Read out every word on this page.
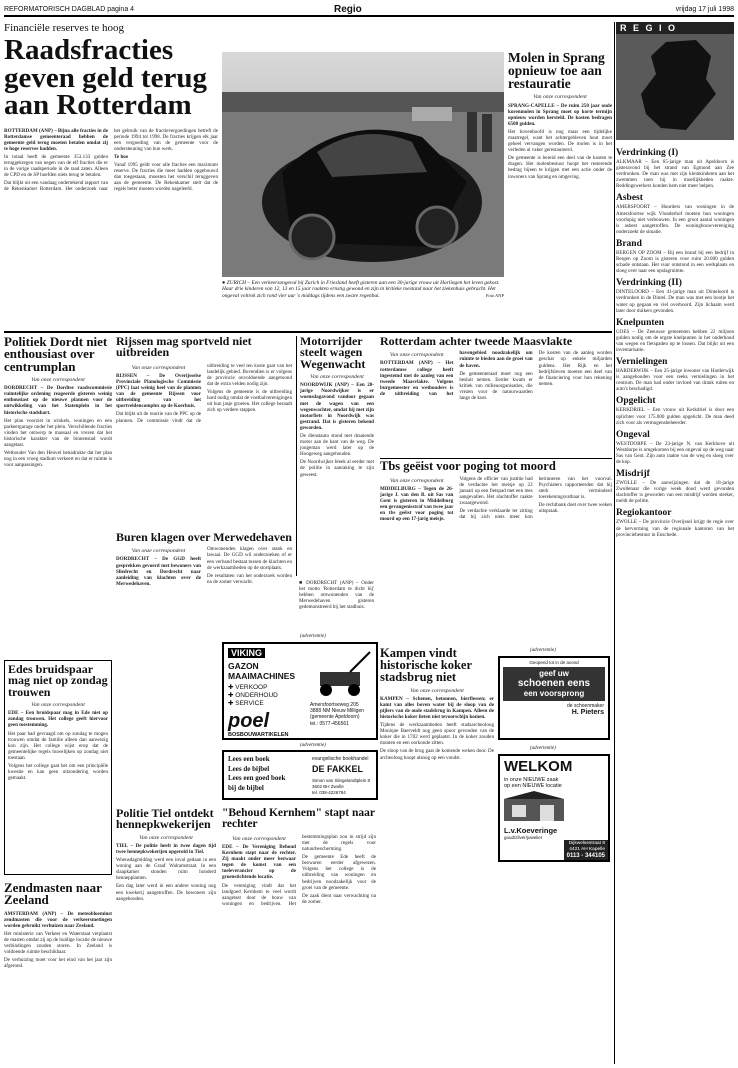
REFORMATORISCH DAGBLAD pagina 4	Regio	vrijdag 17 juli 1998
Financiële reserves te hoog
Raadsfracties geven geld terug aan Rotterdam

ROTTERDAM (ANP) – Bijna alle fracties in de Rotterdamse gemeenteraad hebben de gemeente geld terug moeten betalen omdat zij te hoge reserves hadden.

In totaal heeft de gemeente 353.133 gulden teruggekregen van negen van de elf fracties die er in de vorige raadsperiode in de raad zaten. Alleen de CPD en de SP hoefden niets terug te betalen.

Dat blijkt uit een vandaag ondertekend rapport van de Rekenkamer Rotterdam. Het onderzoek naar het gebruik van de fractievergoedingen betreft de periode 1994 tot 1998. De fracties krijgen elk jaar een vergoeding van de gemeente voor de ondersteuning van hun werk.

Te hoe

Vanaf 1995 geldt voor alle fracties een maximum reserve. De fracties die meer hadden opgebouwd dan toegestaan, moesten het verschil teruggeven aan de gemeente. De Rekenkamer stelt dat de regels beter moeten worden nageleefd.

● ZURICH – Een verkeersongeval bij Zurich in Friesland heeft gisteren aan een 30-jarige vrouw uit Harlingen het leven gekost. Haar drie kinderen van 12, 13 en 15 jaar raakten ernstig gewond en zijn in kritieke toestand naar het ziekenhuis gebracht. Het ongeval voltrok zich rond vier uur 's middags tijdens een zware regenbui.	Foto ANP
Molen in Sprang opnieuw toe aan restauratie
Van onze correspondent

SPRANG-CAPELLE – De ruim 250 jaar oude korenmolen in Sprang moet op korte termijn opnieuw worden hersteld. De kosten bedragen 6500 gulden.

Het bovenhoofd is nog maar een tijdelijke maatregel, want het achtergebleven hout moet geheel vervangen worden. De molen is in het verleden al vaker gerestaureerd.

De gemeente is bereid een deel van de kosten te dragen. Het molenbestuur hoopt het resterende bedrag bijeen te krijgen met een actie onder de inwoners van Sprang en omgeving.

R E G I O
Verdrinking (I)
ALKMAAR – Een 65-jarige man uit Apeldoorn is gisteravond bij het strand van Egmond aan Zee verdronken. De man was met zijn kleinkinderen aan het zwemmen toen hij in moeilijkheden raakte. Reddingswerkers konden hem niet meer helpen.
Asbest
AMERSFOORT – Huurders van woningen in de Amersfoortse wijk Vlonderhof moeten hun woningen voorlopig niet verbouwen. In een groot aantal woningen is asbest aangetroffen. De woningbouwvereniging onderzoekt de situatie.
Brand
BERGEN OP ZOOM – Bij een brand bij een bedrijf in Bergen op Zoom is gisteren voor ruim 20.000 gulden schade ontstaan. Het vuur ontstond in een werkplaats en sloeg over naar een opslagruimte.
Verdrinking (II)
DINTELOORD – Een 41-jarige man uit Dinteloord is verdronken in de Dintel. De man was met een bootje het water op gegaan en viel overboord. Zijn lichaam werd later door duikers gevonden.
Knelpunten
GOES – De Zeeuwse gemeenten hebben 22 miljoen gulden nodig om de ergste knelpunten in het onderhoud van wegen en fietspaden op te lossen. Dat blijkt uit een inventarisatie.
Vernielingen
HARDERWIJK – Een 25-jarige inwoner van Harderwijk is aangehouden voor een reeks vernielingen in het centrum. De man had onder invloed van drank ruiten en auto's beschadigd.
Opgelicht
KERKDRIEL – Een vrouw uit Kerkdriel is door een oplichter voor 175.000 gulden opgelicht. De man deed zich voor als vermogensbeheerder.
Ongeval
WESTDORPE – De 23-jarige N. van Kerkhove uit Westdorpe is omgekomen bij een ongeval op de weg naar Sas van Gent. Zijn auto raakte van de weg en sloeg over de kop.
Misdrijf
ZWOLLE – De aanwijzingen dat de 18-jarige Zwollenaar die vorige week dood werd gevonden slachtoffer is geworden van een misdrijf worden sterker, meldt de politie.
Regiokantoor
ZWOLLE – De provincie Overijssel krijgt de regie over de hervorming van de regionale kantoren van het provinciebestuur in Enschede.
Politiek Dordt niet enthousiast over centrumplan
Van onze correspondent

DORDRECHT – De Dordtse raadscommissie ruimtelijke ordening reageerde gisteren weinig enthousiast op de nieuwe plannen voor de ontwikkeling van het Statenplein in het historische stadshart.

Het plan voorziet in winkels, woningen en een parkeergarage onder het plein. Verschillende fracties vinden het ontwerp te massaal en vrezen dat het historische karakter van de binnenstad wordt aangetast.

Wethouder Van den Heuvel benadrukte dat het plan nog in een vroeg stadium verkeert en dat er ruimte is voor aanpassingen.

Rijssen mag sportveld niet uitbreiden
Van onze correspondent

RIJSSEN – De Overijsselse Provinciale Planologische Commissie (PPC) laat weinig heel van de plannen van de gemeente Rijssen voor uitbreiding van het sportveldencomplex op de Koerhuis.

Dat blijkt uit de reactie van de PPC op de plannen. De commissie vindt dat de uitbreiding te veel ten koste gaat van het landelijk gebied. Bovendien is er volgens de provincie onvoldoende aangetoond dat de extra velden nodig zijn.

Volgens de gemeente is de uitbreiding hard nodig omdat de voetbalverenigingen uit hun jasje groeien. Het college beraadt zich op verdere stappen.

Motorrijder steelt wagen Wegenwacht
Van onze correspondent

NOORDWIJK (ANP) – Een 20-jarige Noordwijker is er woensdagavond vandoor gegaan met de wagen van een wegenwachter, omdat hij met zijn motorfiets in Noordwijk was gestrand. Dat is gisteren bekend geworden.

De dienstauto stond met draaiende motor aan de kant van de weg. De jongeman werd later op de Hoogeweg aangehouden.

De Noordwijker bleek al eerder met de politie in aanraking te zijn geweest.

Rotterdam achter tweede Maasvlakte
Van onze correspondent

ROTTERDAM (ANP) – Het rotterdamse college heeft ingestemd met de aanleg van een tweede Maasvlakte. Volgens burgemeester en wethouders is de uitbreiding van het havengebied noodzakelijk om ruimte te bieden aan de groei van de haven.

De gemeenteraad moet nog een besluit nemen. Eerder kwam er kritiek van milieuorganisaties, die vrezen voor de natuurwaarden langs de kust.

De kosten van de aanleg worden geschat op enkele miljarden guldens. Het Rijk en het bedrijfsleven moeten een deel van de financiering voor hun rekening nemen.

Tbs geëist voor poging tot moord
Van onze correspondent

MIDDELBURG – Tegen de 26-jarige J. van den B. uit Sas van Gent is gisteren in Middelburg een gevangenisstraf van twee jaar en tbs geëist voor poging tot moord op een 17-jarig meisje.

Volgens de officier van justitie had de verdachte het meisje op 22 januari op een fietspad met een mes aangevallen. Het slachtoffer raakte zwaargewond.

De verdachte verklaarde ter zitting dat hij zich niets meer kon herinneren van het voorval. Psychiaters rapporteerden dat hij sterk verminderd toerekeningsvatbaar is.

De rechtbank doet over twee weken uitspraak.

Buren klagen over Merwedehaven
Van onze correspondent

DORDRECHT – De GGD heeft gesprekken gevoerd met bewoners van Sliedrecht en Dordrecht naar aanleiding van klachten over de Merwedehaven.

Omwonenden klagen over stank en lawaai. De GGD wil onderzoeken of er een verband bestaat tussen de klachten en de werkzaamheden op de stortplaats.

De resultaten van het onderzoek worden na de zomer verwacht.	■ DORDRECHT (ANP) – Onder het motto 'Rotterdam te dicht bij' hebben omwonenden van de Merwedehaven gisteren gedemonstreerd bij het stadhuis.
(advertentie)
VIKING
GAZON
MAAIMACHINES
✚ VERKOOP
✚ ONDERHOUD
✚ SERVICE
poel
BOSBOUWARTIKELEN
Amersfoortseweg 205
3888 NM Nieuw Milligen
(gemeente Apeldoorn)
tel.: 0577-456561
(advertentie)
Lees een boek
Lees de bijbel
Lees een goed boek
bij de bijbel
evangelische boekhandel
DE FAKKEL
Simon van Slingelandtplein 8
3602 BH Zwolle
tel. 038-4226784
Edes bruidspaar mag niet op zondag trouwen
Van onze correspondent

EDE – Een bruidspaar mag in Ede niet op zondag trouwen. Het college geeft hiervoor geen toestemming.

Het paar had gevraagd om op zondag te mogen trouwen omdat de familie alleen dan aanwezig kon zijn. Het college wijst erop dat de gemeentelijke regels huwelijken op zondag niet toestaan.

Volgens het college gaat het om een principiële kwestie en kan geen uitzondering worden gemaakt.

Zendmasten naar Zeeland

AMSTERDAM (ANP) – De meteobloeminst zendmasten die voor de verkeersmetingen worden gebruikt verhuizen naar Zeeland.

Het ministerie van Verkeer en Waterstaat verplaatst de masten omdat zij op de huidige locatie de nieuwe verbindingen zouden storen. In Zeeland is voldoende ruimte beschikbaar.

De verhuizing moet voor het eind van het jaar zijn afgerond.

Politie Tiel ontdekt hennepkwekerijen
Van onze correspondent

TIEL – De politie heeft in twee dagen tijd twee hennepkwekerijen opgerold in Tiel.

Woensdagmiddag werd een inval gedaan in een woning aan de Graaf Walramstraat. In een slaapkamer stonden ruim honderd hennepplanten.

Een dag later werd in een andere woning nog een kwekerij aangetroffen. De bewoners zijn aangehouden.

"Behoud Kernhem" stapt naar rechter
Van onze correspondent

EDE – De Vereniging Behoud Kernhem stapt naar de rechter. Zij maakt onder meer bezwaar tegen de komst van een toeleverancier op de groenstichtende locatie.

De vereniging vindt dat het landgoed Kernhem te veel wordt aangetast door de bouw van woningen en bedrijven. Het bestemmingsplan zou in strijd zijn met de regels voor natuurbescherming.

De gemeente Ede heeft de bezwaren eerder afgewezen. Volgens het college is de uitbreiding van woningen en bedrijven noodzakelijk voor de groei van de gemeente.

De zaak dient naar verwachting na de zomer.

Kampen vindt historische koker stadsbrug niet
Van onze correspondent

KAMPEN – Schenen, betonnen, bierflessen; er kamt van alles boven water bij de sloop van de pijlers van de oude stadsbrug in Kampen. Alleen de historische koker lieten niet tevoorschijn komen.

Tijdens de werkzaamheden heeft stadsarcheoloog Monique Baerveldt nog geen spoor gevonden van de koker die in 1702 werd geplaatst. In de koker zouden munten en een oorkonde zitten.

De sloop van de brug gaat de komende weken door. De archeoloog hoopt alsnog op een vondst.

(advertentie)
Geopend tot in de avond
geef uw
schoenen eens
een voorsprong
de schoenmaker
H. Pieters
(advertentie)
WELKOM
in onze NIEUWE zaak
op een NIEUWE locatie
L.v.Koeveringe
goud/zilver/juwelier
Dijkwelsestraat 8
4421 AH Kapelle
0113 - 344105
